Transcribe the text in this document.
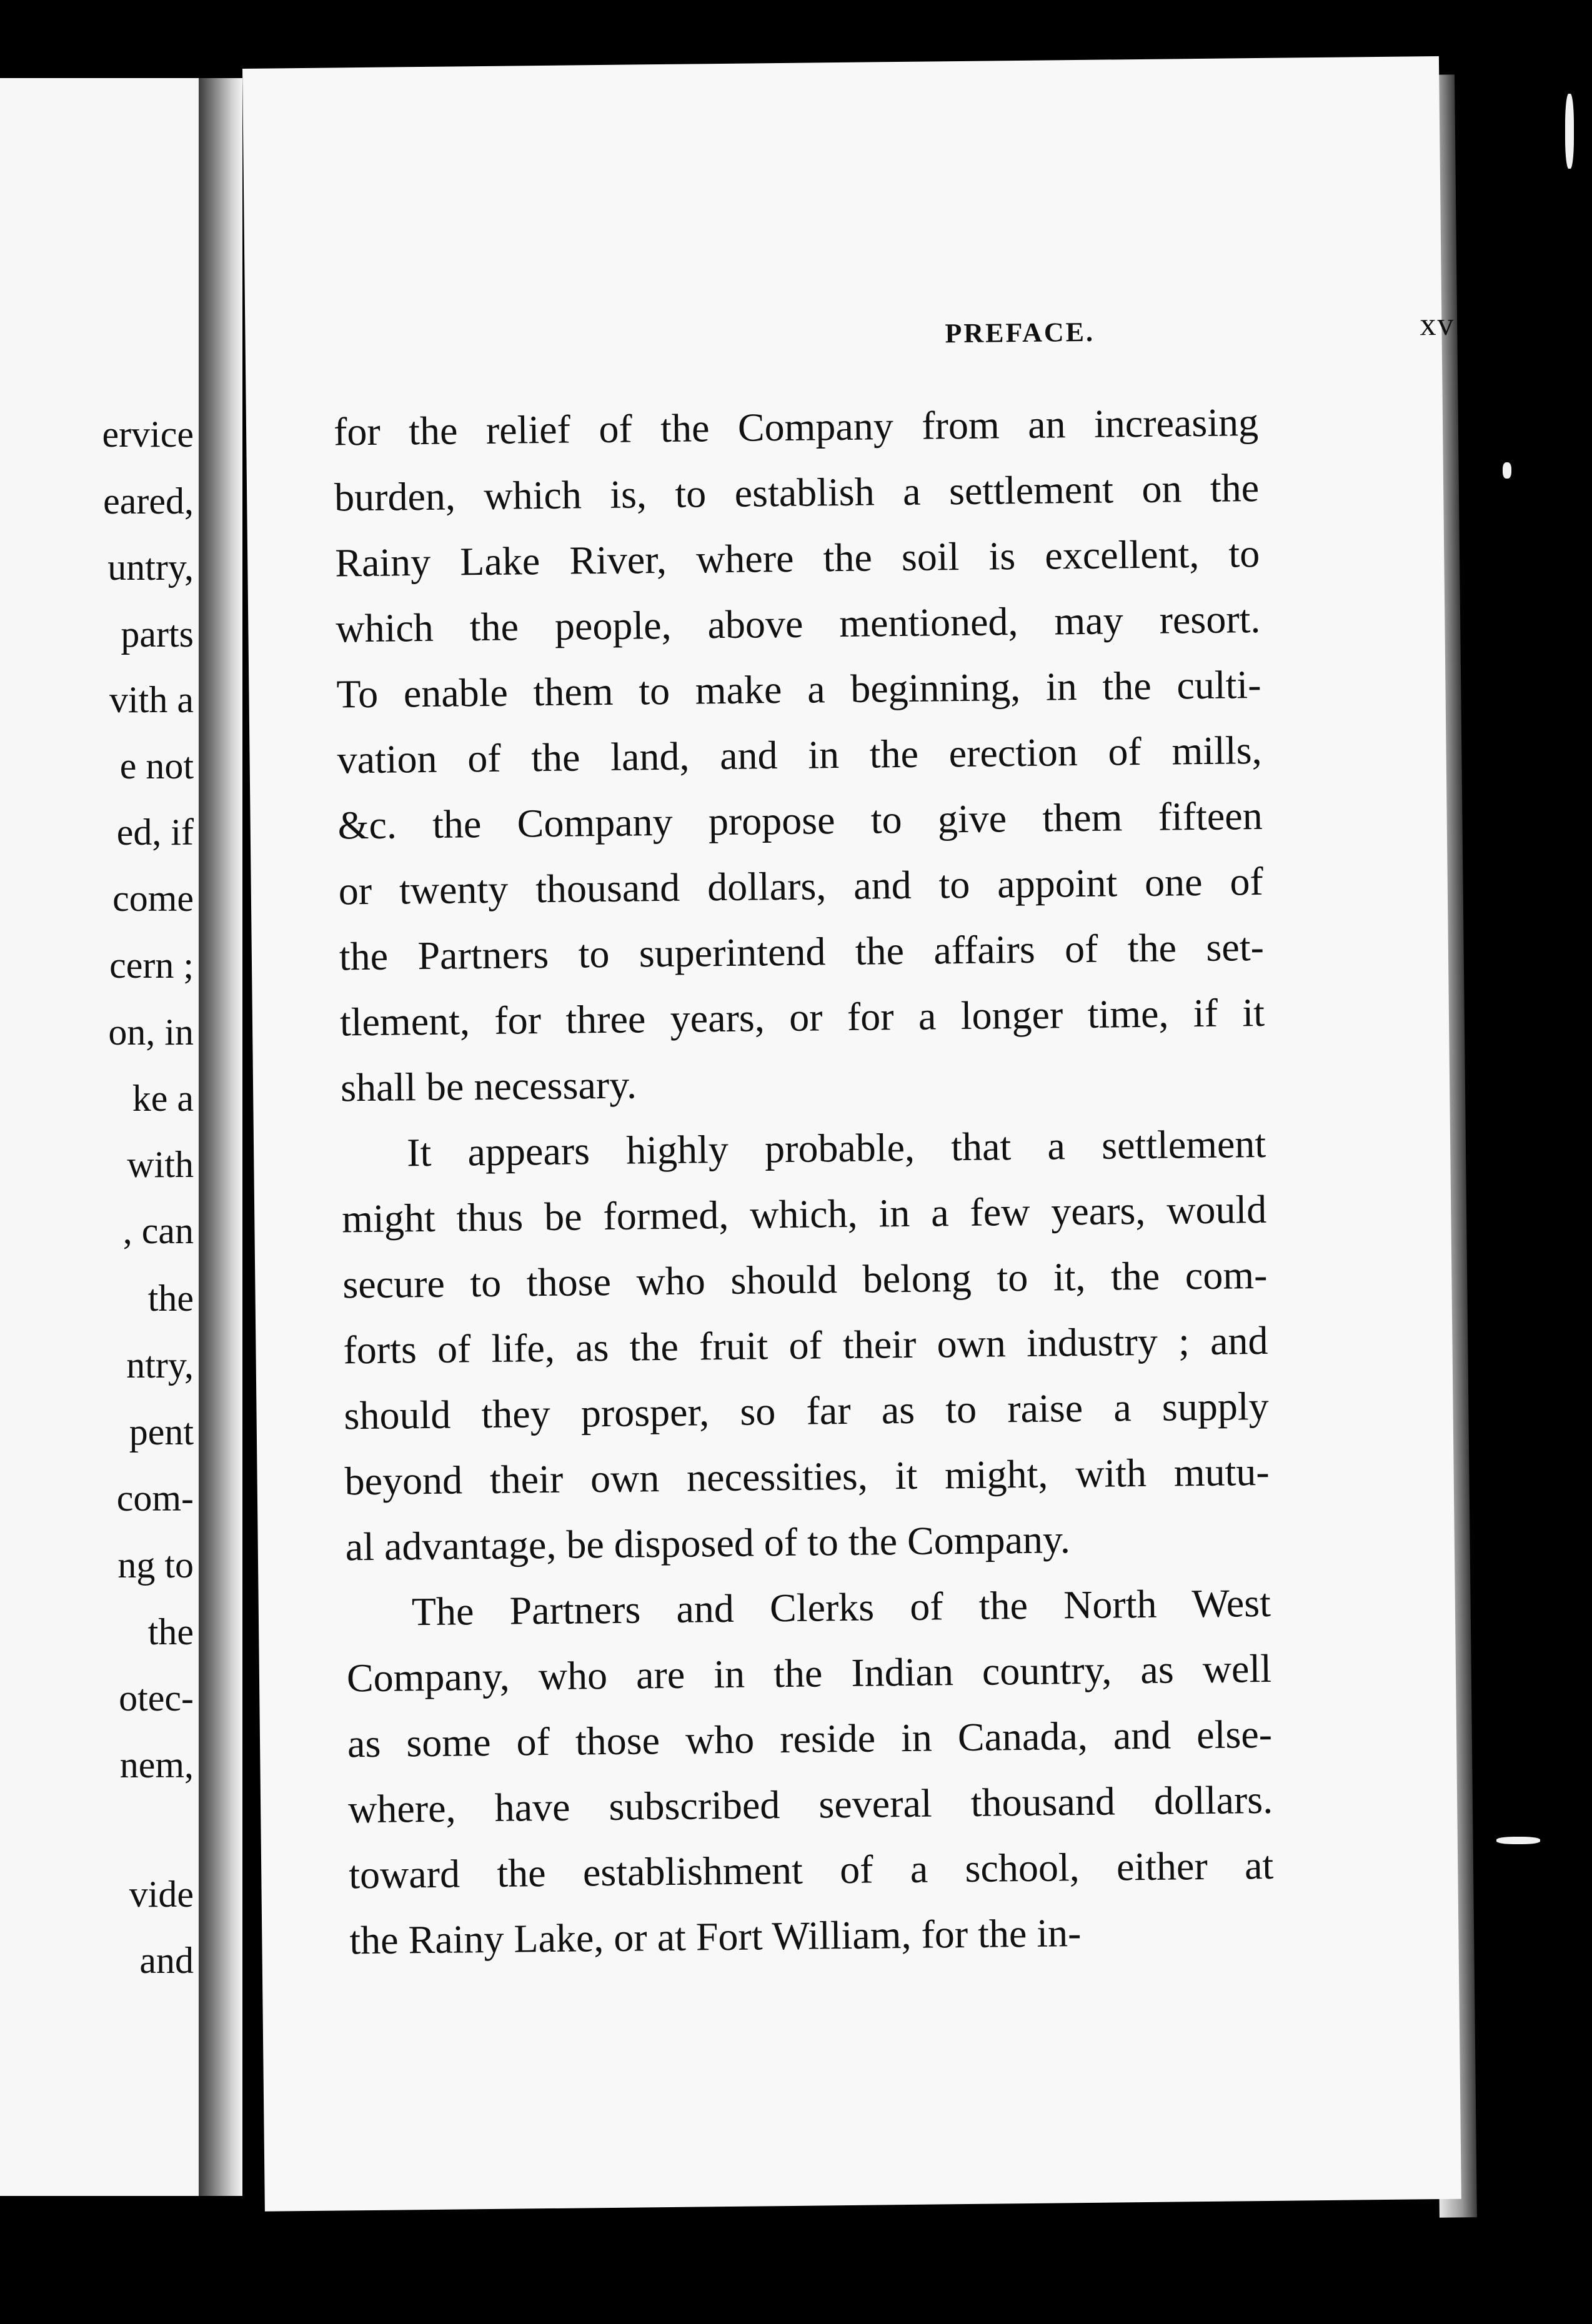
ervice
eared,
untry,
parts
vith a
e not
ed, if
come
cern ;
on, in
ke a
with
, can
the
ntry,
pent
com-
ng to
the
otec-
nem,
vide
and
PREFACE.	xv
for the relief of the Company from an increasing
burden, which is, to establish a settlement on the
Rainy Lake River, where the soil is excellent, to
which the people, above mentioned, may resort.
To enable them to make a beginning, in the culti-
vation of the land, and in the erection of mills,
&c. the Company propose to give them fifteen
or twenty thousand dollars, and to appoint one of
the Partners to superintend the affairs of the set-
tlement, for three years, or for a longer time, if it
shall be necessary.
It appears highly probable, that a settlement
might thus be formed, which, in a few years, would
secure to those who should belong to it, the com-
forts of life, as the fruit of their own industry ; and
should they prosper, so far as to raise a supply
beyond their own necessities, it might, with mutu-
al advantage, be disposed of to the Company.
The Partners and Clerks of the North West
Company, who are in the Indian country, as well
as some of those who reside in Canada, and else-
where, have subscribed several thousand dollars.
toward the establishment of a school, either at
the Rainy Lake, or at Fort William, for the in-
